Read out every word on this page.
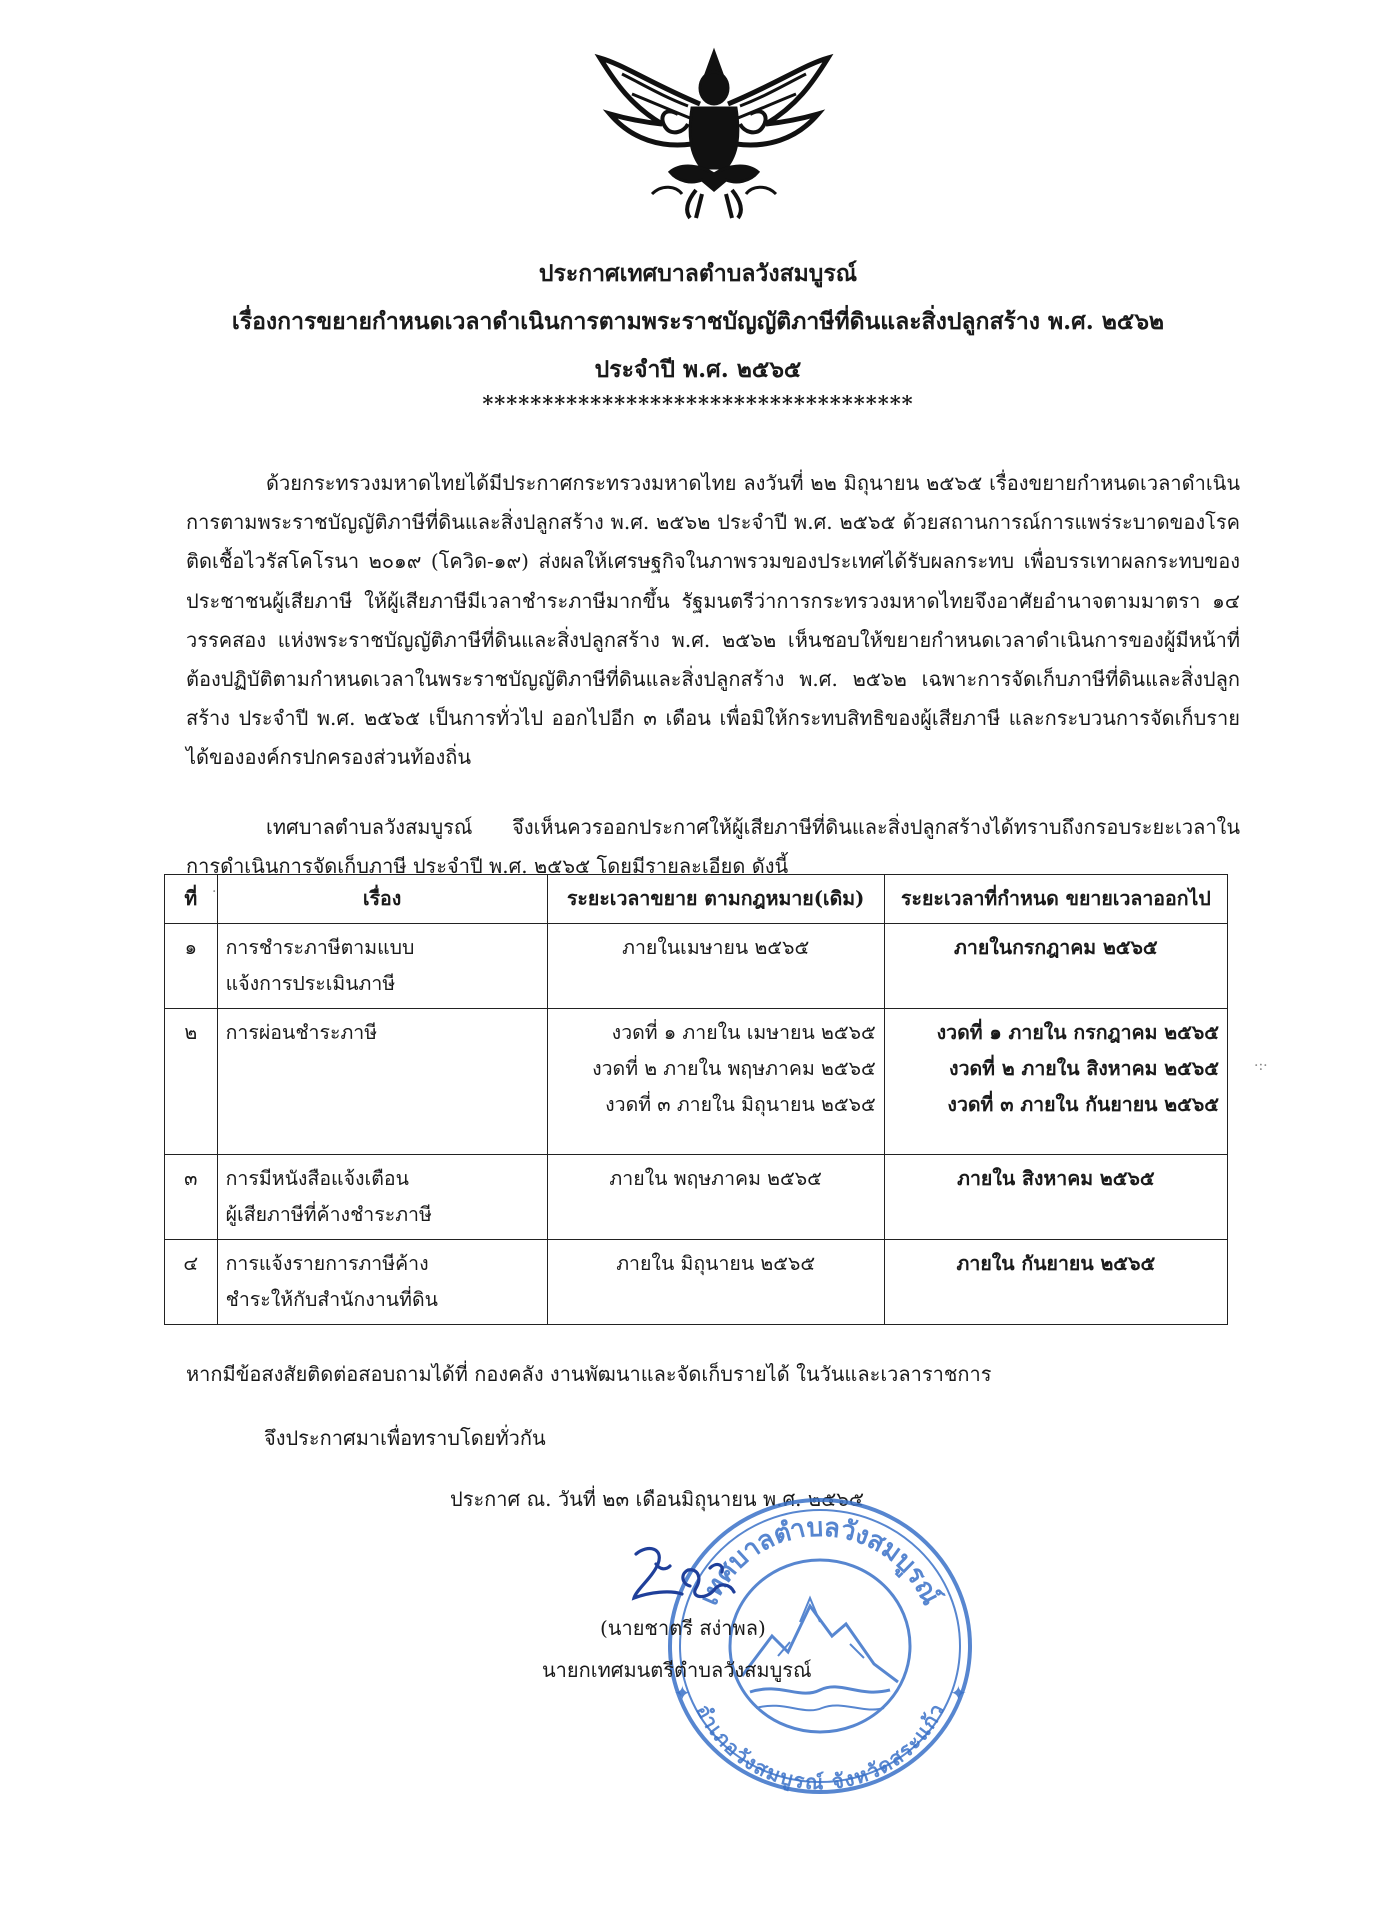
ประกาศเทศบาลตำบลวังสมบูรณ์
เรื่องการขยายกำหนดเวลาดำเนินการตามพระราชบัญญัติภาษีที่ดินและสิ่งปลูกสร้าง พ.ศ. ๒๕๖๒
ประจำปี พ.ศ. ๒๕๖๕
************************************

ด้วยกระทรวงมหาดไทยได้มีประกาศกระทรวงมหาดไทย ลงวันที่ ๒๒ มิถุนายน ๒๕๖๕ เรื่องขยายกำหนดเวลาดำเนินการตามพระราชบัญญัติภาษีที่ดินและสิ่งปลูกสร้าง พ.ศ. ๒๕๖๒ ประจำปี พ.ศ. ๒๕๖๕ ด้วยสถานการณ์การแพร่ระบาดของโรคติดเชื้อไวรัสโคโรนา ๒๐๑๙ (โควิด-๑๙) ส่งผลให้เศรษฐกิจในภาพรวมของประเทศได้รับผลกระทบ เพื่อบรรเทาผลกระทบของประชาชนผู้เสียภาษี ให้ผู้เสียภาษีมีเวลาชำระภาษีมากขึ้น รัฐมนตรีว่าการกระทรวงมหาดไทยจึงอาศัยอำนาจตามมาตรา ๑๔ วรรคสอง แห่งพระราชบัญญัติภาษีที่ดินและสิ่งปลูกสร้าง พ.ศ. ๒๕๖๒ เห็นชอบให้ขยายกำหนดเวลาดำเนินการของผู้มีหน้าที่ต้องปฏิบัติตามกำหนดเวลาในพระราชบัญญัติภาษีที่ดินและสิ่งปลูกสร้าง พ.ศ. ๒๕๖๒ เฉพาะการจัดเก็บภาษีที่ดินและสิ่งปลูกสร้าง ประจำปี พ.ศ. ๒๕๖๕ เป็นการทั่วไป ออกไปอีก ๓ เดือน เพื่อมิให้กระทบสิทธิของผู้เสียภาษี และกระบวนการจัดเก็บรายได้ขององค์กรปกครองส่วนท้องถิ่น

เทศบาลตำบลวังสมบูรณ์ จึงเห็นควรออกประกาศให้ผู้เสียภาษีที่ดินและสิ่งปลูกสร้างได้ทราบถึงกรอบระยะเวลาในการดำเนินการจัดเก็บภาษี ประจำปี พ.ศ. ๒๕๖๕ โดยมีรายละเอียด ดังนี้

ที่	เรื่อง	ระยะเวลาขยาย ตามกฎหมาย(เดิม)	ระยะเวลาที่กำหนด ขยายเวลาออกไป
๑	การชำระภาษีตามแบบ
แจ้งการประเมินภาษี	ภายในเมษายน ๒๕๖๕	ภายในกรกฎาคม ๒๕๖๕

๒	การผ่อนชำระภาษี	งวดที่ ๑ ภายใน เมษายน ๒๕๖๕
งวดที่ ๒ ภายใน พฤษภาคม ๒๕๖๕
งวดที่ ๓ ภายใน มิถุนายน ๒๕๖๕	งวดที่ ๑ ภายใน กรกฎาคม ๒๕๖๕
งวดที่ ๒ ภายใน สิงหาคม ๒๕๖๕
งวดที่ ๓ ภายใน กันยายน ๒๕๖๕

๓	การมีหนังสือแจ้งเตือน
ผู้เสียภาษีที่ค้างชำระภาษี	ภายใน พฤษภาคม ๒๕๖๕	ภายใน สิงหาคม ๒๕๖๕

๔	การแจ้งรายการภาษีค้าง
ชำระให้กับสำนักงานที่ดิน	ภายใน มิถุนายน ๒๕๖๕	ภายใน กันยายน ๒๕๖๕
หากมีข้อสงสัยติดต่อสอบถามได้ที่ กองคลัง งานพัฒนาและจัดเก็บรายได้ ในวันและเวลาราชการ
จึงประกาศมาเพื่อทราบโดยทั่วกัน
ประกาศ ณ. วันที่ ๒๓ เดือนมิถุนายน พ.ศ. ๒๕๖๕
เทศบาลตำบลวังสมบูรณ์
อำเภอวังสมบูรณ์ จังหวัดสระแก้ว
✦
✦
(นายชาตรี สง่าพล)
นายกเทศมนตรีตำบลวังสมบูรณ์
·:·
·
